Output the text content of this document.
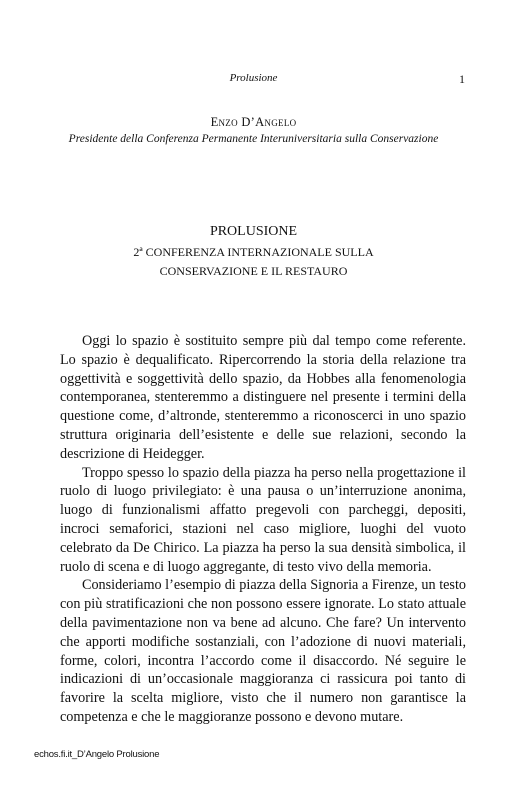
Prolusione	1
Enzo D’Angelo
Presidente della Conferenza Permanente Interuniversitaria sulla Conservazione
PROLUSIONE
2ª CONFERENZA INTERNAZIONALE SULLA
CONSERVAZIONE E IL RESTAURO

Oggi lo spazio è sostituito sempre più dal tempo come referente. Lo spazio è dequalificato. Ripercorrendo la storia della relazione tra oggettività e soggettività dello spazio, da Hobbes alla fenomenologia contemporanea, stenteremmo a distinguere nel presente i termini della questione come, d’altronde, stenteremmo a riconoscerci in uno spazio struttura originaria dell’esistente e delle sue relazioni, secondo la descrizione di Heidegger.

Troppo spesso lo spazio della piazza ha perso nella progettazione il ruolo di luogo privilegiato: è una pausa o un’interruzione anonima, luogo di funzionalismi affatto pregevoli con parcheggi, depositi, incroci semaforici, stazioni nel caso migliore, luoghi del vuoto celebrato da De Chirico. La piazza ha perso la sua densità simbolica, il ruolo di scena e di luogo aggregante, di testo vivo della memoria.

Consideriamo l’esempio di piazza della Signoria a Firenze, un testo con più stratificazioni che non possono essere ignorate. Lo stato attuale della pavimentazione non va bene ad alcuno. Che fare? Un intervento che apporti modifiche sostanziali, con l’adozione di nuovi materiali, forme, colori, incontra l’accordo come il disaccordo. Né seguire le indicazioni di un’occasionale maggioranza ci rassicura poi tanto di favorire la scelta migliore, visto che il numero non garantisce la competenza e che le maggioranze possono e devono mutare.

echos.fi.it_D’Angelo Prolusione
